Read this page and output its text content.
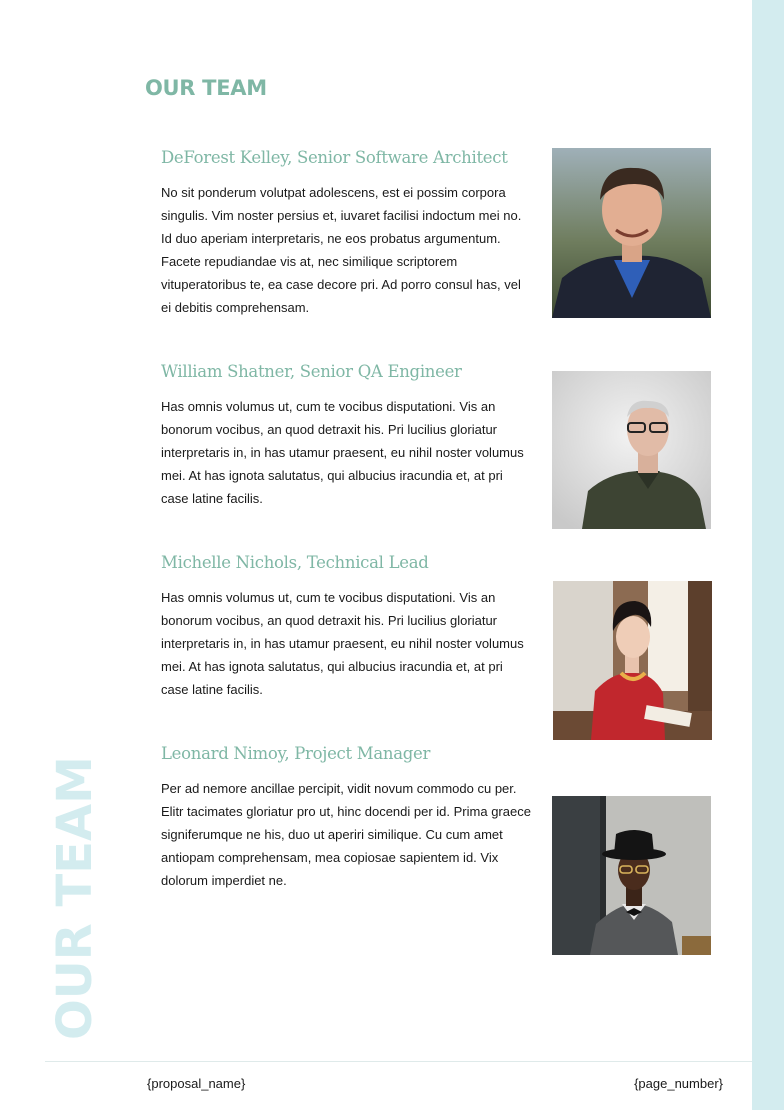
OUR TEAM
OUR TEAM
DeForest Kelley, Senior Software Architect
No sit ponderum volutpat adolescens, est ei possim corpora singulis. Vim noster persius et, iuvaret facilisi indoctum mei no. Id duo aperiam interpretaris, ne eos probatus argumentum. Facete repudiandae vis at, nec similique scriptorem vituperatoribus te, ea case decore pri. Ad porro consul has, vel ei debitis comprehensam.
William Shatner, Senior QA Engineer
Has omnis volumus ut, cum te vocibus disputationi. Vis an bonorum vocibus, an quod detraxit his. Pri lucilius gloriatur interpretaris in, in has utamur praesent, eu nihil noster volumus mei. At has ignota salutatus, qui albucius iracundia et, at pri case latine facilis.
Michelle Nichols, Technical Lead
Has omnis volumus ut, cum te vocibus disputationi. Vis an bonorum vocibus, an quod detraxit his. Pri lucilius gloriatur interpretaris in, in has utamur praesent, eu nihil noster volumus mei. At has ignota salutatus, qui albucius iracundia et, at pri case latine facilis.
Leonard Nimoy, Project Manager
Per ad nemore ancillae percipit, vidit novum commodo cu per. Elitr tacimates gloriatur pro ut, hinc docendi per id. Prima graece signiferumque ne his, duo ut aperiri similique. Cu cum amet antiopam comprehensam, mea copiosae sapientem id. Vix dolorum imperdiet ne.
{proposal_name}	{page_number}
